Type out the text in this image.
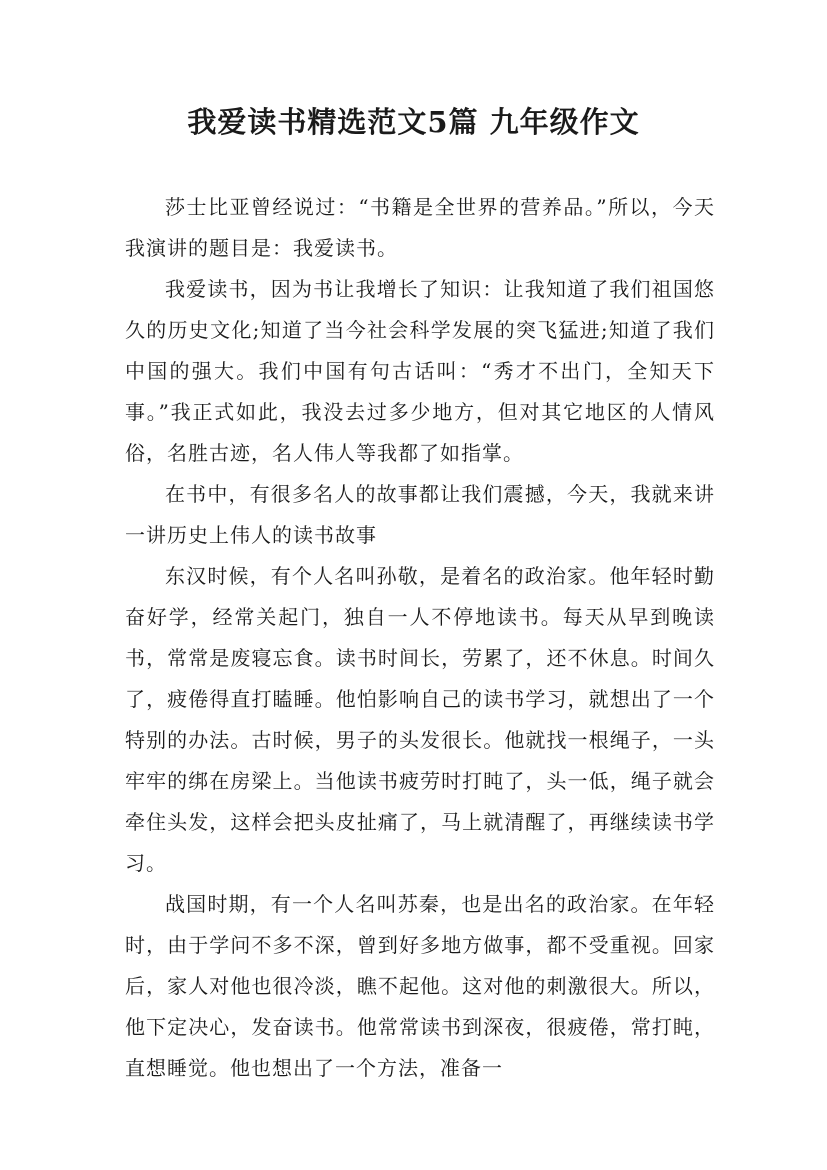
我爱读书精选范文5篇 九年级作文

莎士比亚曾经说过：“书籍是全世界的营养品。”所以，今天我演讲的题目是：我爱读书。

我爱读书，因为书让我增长了知识：让我知道了我们祖国悠久的历史文化;知道了当今社会科学发展的突飞猛进;知道了我们中国的强大。我们中国有句古话叫：“秀才不出门，全知天下事。”我正式如此，我没去过多少地方，但对其它地区的人情风俗，名胜古迹，名人伟人等我都了如指掌。

在书中，有很多名人的故事都让我们震撼，今天，我就来讲一讲历史上伟人的读书故事

东汉时候，有个人名叫孙敬，是着名的政治家。他年轻时勤奋好学，经常关起门，独自一人不停地读书。每天从早到晚读书，常常是废寝忘食。读书时间长，劳累了，还不休息。时间久了，疲倦得直打瞌睡。他怕影响自己的读书学习，就想出了一个特别的办法。古时候，男子的头发很长。他就找一根绳子，一头牢牢的绑在房梁上。当他读书疲劳时打盹了，头一低，绳子就会牵住头发，这样会把头皮扯痛了，马上就清醒了，再继续读书学习。

战国时期，有一个人名叫苏秦，也是出名的政治家。在年轻时，由于学问不多不深，曾到好多地方做事，都不受重视。回家后，家人对他也很冷淡，瞧不起他。这对他的刺激很大。所以，他下定决心，发奋读书。他常常读书到深夜，很疲倦，常打盹，直想睡觉。他也想出了一个方法，准备一
